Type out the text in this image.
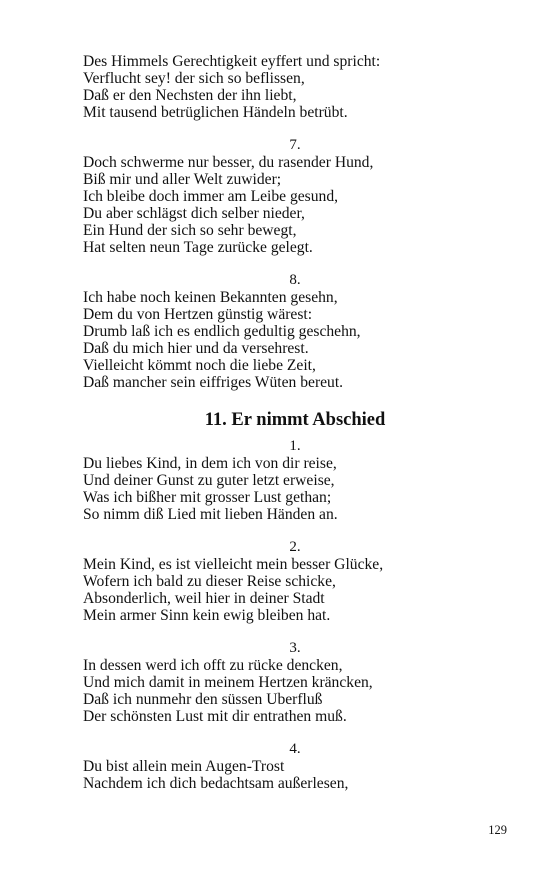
Des Himmels Gerechtigkeit eyffert und spricht:
Verflucht sey! der sich so beflissen,
Daß er den Nechsten der ihn liebt,
Mit tausend betrüglichen Händeln betrübt.
7.
Doch schwerme nur besser, du rasender Hund,
Biß mir und aller Welt zuwider;
Ich bleibe doch immer am Leibe gesund,
Du aber schlägst dich selber nieder,
Ein Hund der sich so sehr bewegt,
Hat selten neun Tage zurücke gelegt.
8.
Ich habe noch keinen Bekannten gesehn,
Dem du von Hertzen günstig wärest:
Drumb laß ich es endlich gedultig geschehn,
Daß du mich hier und da versehrest.
Vielleicht kömmt noch die liebe Zeit,
Daß mancher sein eiffriges Wüten bereut.
11. Er nimmt Abschied
1.
Du liebes Kind, in dem ich von dir reise,
Und deiner Gunst zu guter letzt erweise,
Was ich bißher mit grosser Lust gethan;
So nimm diß Lied mit lieben Händen an.
2.
Mein Kind, es ist vielleicht mein besser Glücke,
Wofern ich bald zu dieser Reise schicke,
Absonderlich, weil hier in deiner Stadt
Mein armer Sinn kein ewig bleiben hat.
3.
In dessen werd ich offt zu rücke dencken,
Und mich damit in meinem Hertzen kräncken,
Daß ich nunmehr den süssen Uberfluß
Der schönsten Lust mit dir entrathen muß.
4.
Du bist allein mein Augen-Trost
Nachdem ich dich bedachtsam außerlesen,
129
